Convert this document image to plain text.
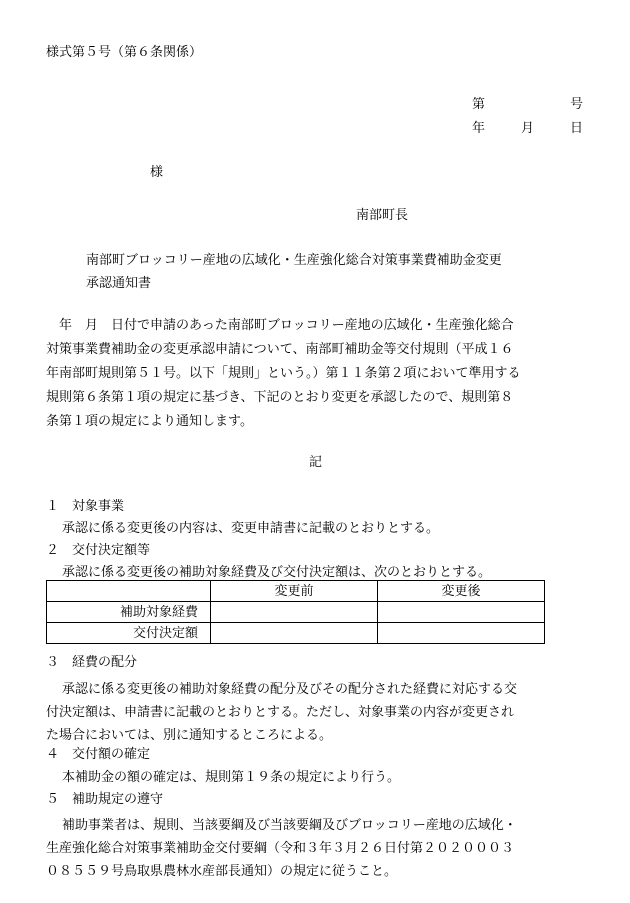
様式第５号（第６条関係）
第	号
年	月	日
様
南部町長
南部町ブロッコリー産地の広域化・生産強化総合対策事業費補助金変更
承認通知書
　年　月　日付で申請のあった南部町ブロッコリー産地の広域化・生産強化総合
対策事業費補助金の変更承認申請について、南部町補助金等交付規則（平成１６
年南部町規則第５１号。以下「規則」という。）第１１条第２項において準用する
規則第６条第１項の規定に基づき、下記のとおり変更を承認したので、規則第８
条第１項の規定により通知します。
記
１　対象事業
承認に係る変更後の内容は、変更申請書に記載のとおりとする。
２　交付決定額等
承認に係る変更後の補助対象経費及び交付決定額は、次のとおりとする。
	変更前	変更後
補助対象経費		
交付決定額		
３　経費の配分
承認に係る変更後の補助対象経費の配分及びその配分された経費に対応する交
付決定額は、申請書に記載のとおりとする。ただし、対象事業の内容が変更され
た場合においては、別に通知するところによる。
４　交付額の確定
本補助金の額の確定は、規則第１９条の規定により行う。
５　補助規定の遵守
補助事業者は、規則、当該要綱及び当該要綱及びブロッコリー産地の広域化・
生産強化総合対策事業補助金交付要綱（令和３年３月２６日付第２０２０００３
０８５５９号鳥取県農林水産部長通知）の規定に従うこと。
